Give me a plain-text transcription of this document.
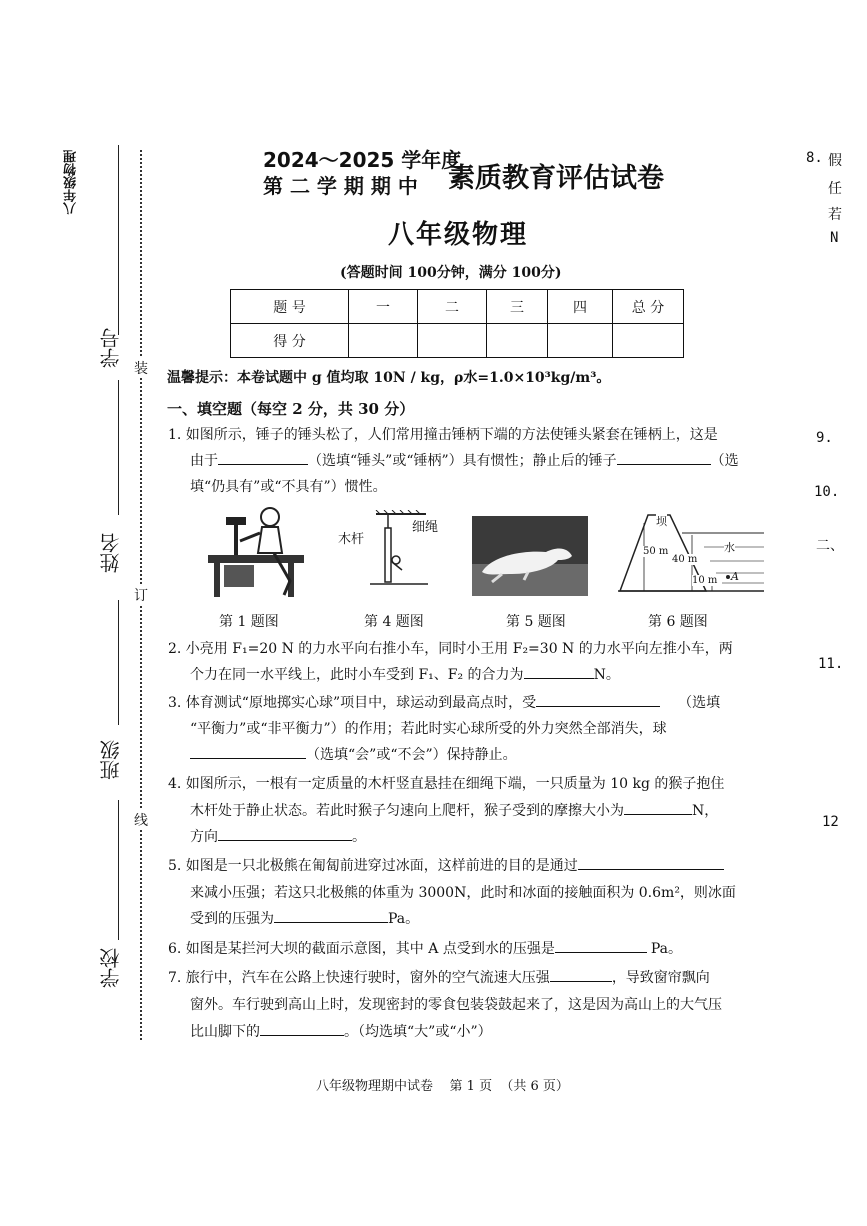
八年级物理
学号
姓名
班级
学校
装
订
线
2024～2025 学年度
第 二 学 期 期 中 素质教育评估试卷
八年级物理
(答题时间 100分钟，满分 100分)
题 号	一	二	三	四	总 分
得 分					
温馨提示：本卷试题中 g 值均取 10N / kg，ρ水=1.0×10³kg/m³。
一、填空题（每空 2 分，共 30 分）
1. 如图所示，锤子的锤头松了，人们常用撞击锤柄下端的方法使锤头紧套在锤柄上，这是
由于	（选填“锤头”或“锤柄”）具有惯性；静止后的锤子	（选
填“仍具有”或“不具有”）惯性。
第 1 题图
木杆
细绳
第 4 题图	第 5 题图
坝
水
50 m
40 m
10 m A
第 6 题图
2. 小亮用 F₁=20 N 的力水平向右推小车，同时小王用 F₂=30 N 的力水平向左推小车，两
个力在同一水平线上，此时小车受到 F₁、F₂ 的合力为	N。
3. 体育测试“原地掷实心球”项目中，球运动到最高点时，受	（选填
“平衡力”或“非平衡力”）的作用；若此时实心球所受的外力突然全部消失，球
（选填“会”或“不会”）保持静止。
4. 如图所示，一根有一定质量的木杆竖直悬挂在细绳下端，一只质量为 10 kg 的猴子抱住
木杆处于静止状态。若此时猴子匀速向上爬杆，猴子受到的摩擦大小为	N，
方向	。
5. 如图是一只北极熊在匍匐前进穿过冰面，这样前进的目的是通过
来减小压强；若这只北极熊的体重为 3000N，此时和冰面的接触面积为 0.6m²，则冰面
受到的压强为	Pa。
6. 如图是某拦河大坝的截面示意图，其中 A 点受到水的压强是	Pa。
7. 旅行中，汽车在公路上快速行驶时，窗外的空气流速大压强	，导致窗帘飘向
窗外。车行驶到高山上时，发现密封的零食包装袋鼓起来了，这是因为高山上的大气压
比山脚下的	。（均选填“大”或“小”）
八年级物理期中试卷    第 1 页  （共 6 页）
8. 假
任
若
N
9.
10.
二、
11.
12
